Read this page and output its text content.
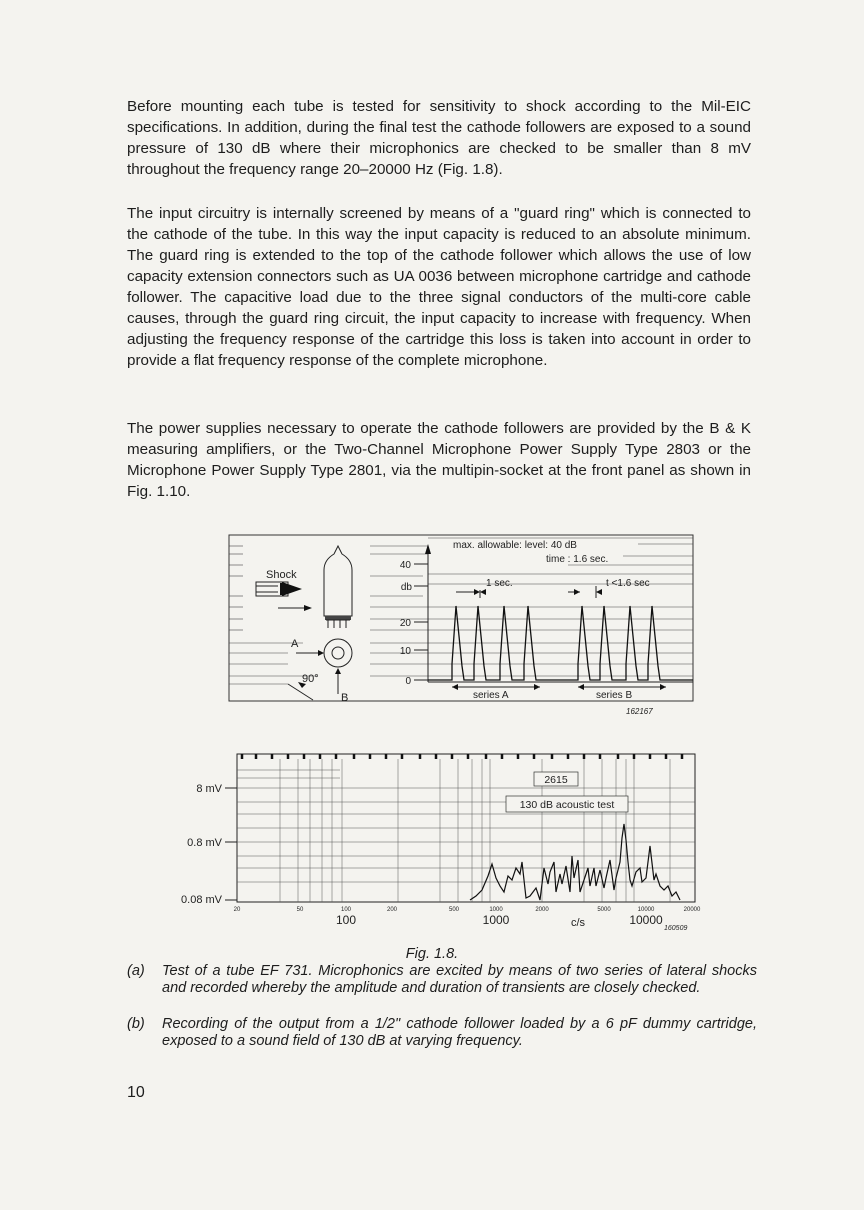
Before mounting each tube is tested for sensitivity to shock according to the Mil-EIC specifications. In addition, during the final test the cathode followers are exposed to a sound pressure of 130 dB where their microphonics are checked to be smaller than 8 mV throughout the frequency range 20–20000 Hz (Fig. 1.8).

The input circuitry is internally screened by means of a "guard ring" which is connected to the cathode of the tube. In this way the input capacity is reduced to an absolute minimum. The guard ring is extended to the top of the cathode follower which allows the use of low capacity extension connectors such as UA 0036 between microphone cartridge and cathode follower. The capacitive load due to the three signal conductors of the multi-core cable causes, through the guard ring circuit, the input capacity to increase with frequency. When adjusting the frequency response of the cartridge this loss is taken into account in order to provide a flat frequency response of the complete microphone.

The power supplies necessary to operate the cathode followers are provided by the B & K measuring amplifiers, or the Two-Channel Microphone Power Supply Type 2803 or the Microphone Power Supply Type 2801, via the multipin-socket at the front panel as shown in Fig. 1.10.

Shock
A
B
90°
40
db
20
10
0
max. allowable: level: 40 dB
time : 1.6 sec.
1 sec.	t <1.6 sec
series A	series B
162167
8 mV
0.8 mV
0.08 mV
2615
130 dB acoustic test
20	50	100	200	500	1000	2000	5000	10000	20000
100	1000	10000
c/s	160509
Fig. 1.8.
(a) Test of a tube EF 731. Microphonics are excited by means of two series of lateral shocks and recorded whereby the amplitude and duration of transients are closely checked.
(b) Recording of the output from a 1/2" cathode follower loaded by a 6 pF dummy cartridge, exposed to a sound field of 130 dB at varying frequency.
10
